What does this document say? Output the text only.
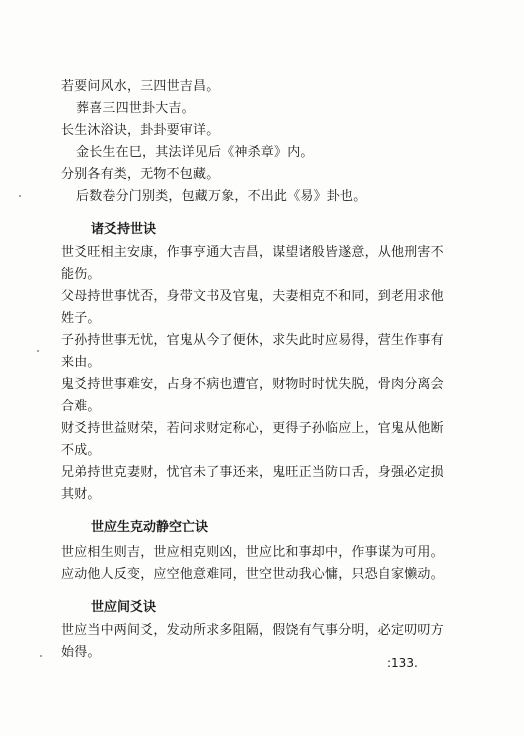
若要问风水，三四世吉昌。
葬喜三四世卦大吉。
长生沐浴诀，卦卦要审详。
金长生在巳，其法详见后《神杀章》内。
分别各有类，无物不包藏。
后数卷分门别类，包藏万象，不出此《易》卦也。
诸爻持世诀
世爻旺相主安康，作事亨通大吉昌，谋望诸般皆遂意，从他刑害不
能伤。
父母持世事忧否，身带文书及官鬼，夫妻相克不和同，到老用求他
姓子。
子孙持世事无忧，官鬼从今了便休，求失此时应易得，营生作事有
来由。
鬼爻持世事难安，占身不病也遭官，财物时时忧失脱，骨肉分离会
合难。
财爻持世益财荣，若问求财定称心，更得子孙临应上，官鬼从他断
不成。
兄弟持世克妻财，忧官未了事还来，鬼旺正当防口舌，身强必定损
其财。
世应生克动静空亡诀
世应相生则吉，世应相克则凶，世应比和事却中，作事谋为可用。
应动他人反变，应空他意难同，世空世动我心慵，只恐自家懒动。
世应间爻诀
世应当中两间爻，发动所求多阻隔，假饶有气事分明，必定叨叨方
始得。
:133.
